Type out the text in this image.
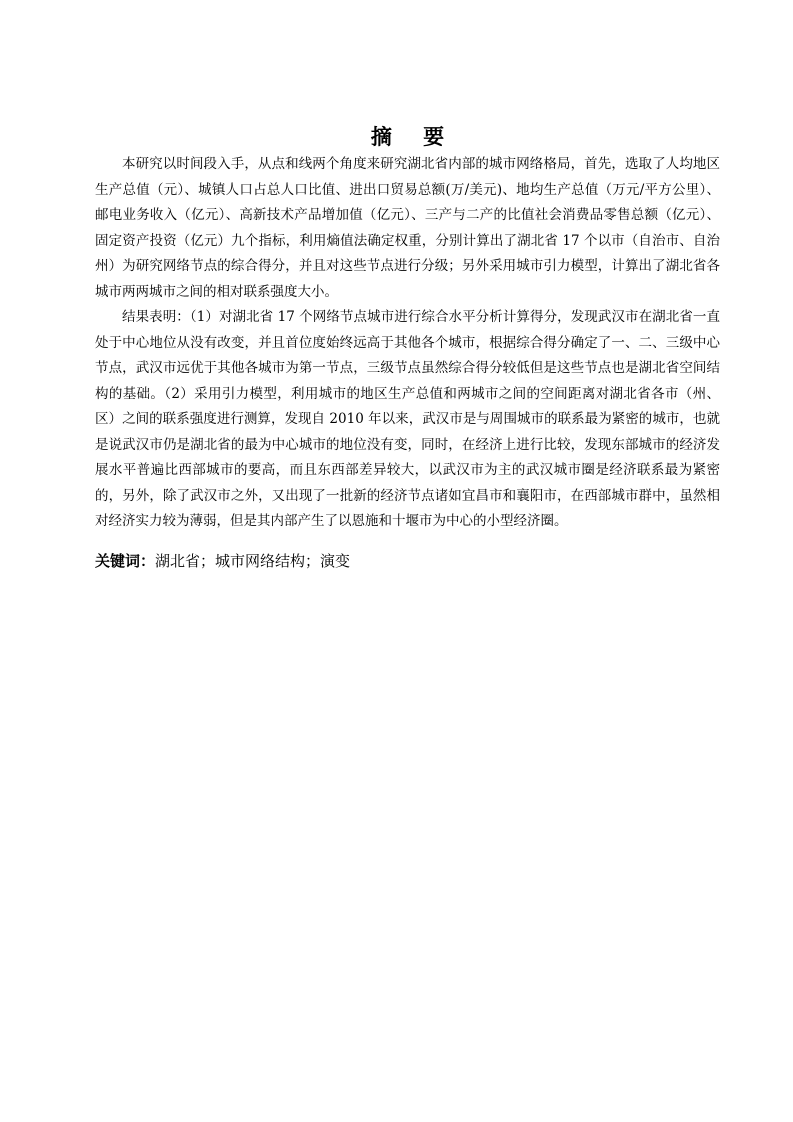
摘 要

本研究以时间段入手，从点和线两个角度来研究湖北省内部的城市网络格局，首先，选取了人均地区生产总值（元）、城镇人口占总人口比值、进出口贸易总额(万/美元)、地均生产总值（万元/平方公里）、邮电业务收入（亿元）、高新技术产品增加值（亿元）、三产与二产的比值社会消费品零售总额（亿元）、固定资产投资（亿元）九个指标，利用熵值法确定权重，分别计算出了湖北省 17 个以市（自治市、自治州）为研究网络节点的综合得分，并且对这些节点进行分级；另外采用城市引力模型，计算出了湖北省各城市两两城市之间的相对联系强度大小。

结果表明：（1）对湖北省 17 个网络节点城市进行综合水平分析计算得分，发现武汉市在湖北省一直处于中心地位从没有改变，并且首位度始终远高于其他各个城市，根据综合得分确定了一、二、三级中心节点，武汉市远优于其他各城市为第一节点，三级节点虽然综合得分较低但是这些节点也是湖北省空间结构的基础。（2）采用引力模型，利用城市的地区生产总值和两城市之间的空间距离对湖北省各市（州、区）之间的联系强度进行测算，发现自 2010 年以来，武汉市是与周围城市的联系最为紧密的城市，也就是说武汉市仍是湖北省的最为中心城市的地位没有变，同时，在经济上进行比较，发现东部城市的经济发展水平普遍比西部城市的要高，而且东西部差异较大，以武汉市为主的武汉城市圈是经济联系最为紧密的，另外，除了武汉市之外，又出现了一批新的经济节点诸如宜昌市和襄阳市，在西部城市群中，虽然相对经济实力较为薄弱，但是其内部产生了以恩施和十堰市为中心的小型经济圈。

关键词：湖北省；城市网络结构；演变
